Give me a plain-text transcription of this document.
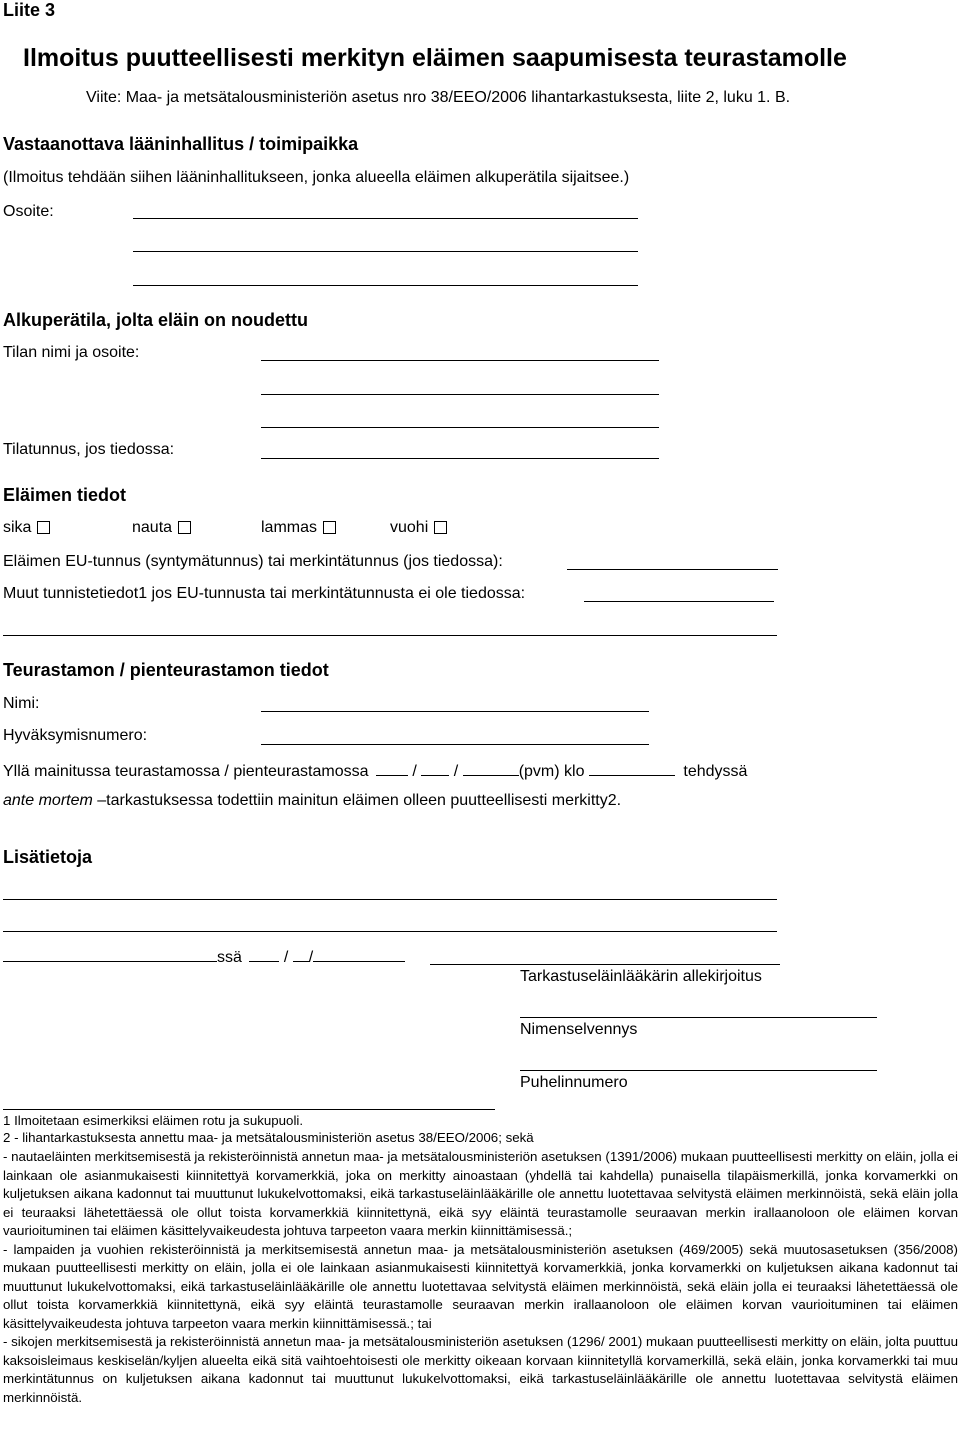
Liite 3
Ilmoitus puutteellisesti merkityn eläimen saapumisesta teurastamolle
Viite: Maa- ja metsätalousministeriön asetus nro 38/EEO/2006 lihantarkastuksesta, liite 2, luku 1. B.
Vastaanottava lääninhallitus / toimipaikka
(Ilmoitus tehdään siihen lääninhallitukseen, jonka alueella eläimen alkuperätila sijaitsee.)
Osoite:
Alkuperätila, jolta eläin on noudettu
Tilan nimi ja osoite:
Tilatunnus, jos tiedossa:
Eläimen tiedot
sika	nauta	lammas	vuohi
Eläimen EU-tunnus (syntymätunnus) tai merkintätunnus (jos tiedossa):
Muut tunnistetiedot1 jos EU-tunnusta tai merkintätunnusta ei ole tiedossa:
Teurastamon / pienteurastamon tiedot
Nimi:
Hyväksymisnumero:
Yllä mainitussa teurastamossa / pienteurastamossa	/ /	(pvm) klo	tehdyssä
ante mortem –tarkastuksessa todettiin mainitun eläimen olleen puutteellisesti merkitty2.
Lisätietoja
ssä	/ /
Tarkastuseläinlääkärin allekirjoitus
Nimenselvennys
Puhelinnumero
1 Ilmoitetaan esimerkiksi eläimen rotu ja sukupuoli.
2 - lihantarkastuksesta annettu maa- ja metsätalousministeriön asetus 38/EEO/2006; sekä

- nautaeläinten merkitsemisestä ja rekisteröinnistä annetun maa- ja metsätalousministeriön asetuksen (1391/2006) mukaan puutteellisesti merkitty on eläin, jolla ei lainkaan ole asianmukaisesti kiinnitettyä korvamerkkiä, joka on merkitty ainoastaan (yhdellä tai kahdella) punaisella tilapäismerkillä, jonka korvamerkki on kuljetuksen aikana kadonnut tai muuttunut lukukelvottomaksi, eikä tarkastuseläinlääkärille ole annettu luotettavaa selvitystä eläimen merkinnöistä, sekä eläin jolla ei teuraaksi lähetettäessä ole ollut toista korvamerkkiä kiinnitettynä, eikä syy eläintä teurastamolle seuraavan merkin irallaanoloon ole eläimen korvan vaurioituminen tai eläimen käsittelyvaikeudesta johtuva tarpeeton vaara merkin kiinnittämisessä.;

- lampaiden ja vuohien rekisteröinnistä ja merkitsemisestä annetun maa- ja metsätalousministeriön asetuksen (469/2005) sekä muutosasetuksen (356/2008) mukaan puutteellisesti merkitty on eläin, jolla ei ole lainkaan asianmukaisesti kiinnitettyä korvamerkkiä, jonka korvamerkki on kuljetuksen aikana kadonnut tai muuttunut lukukelvottomaksi, eikä tarkastuseläinlääkärille ole annettu luotettavaa selvitystä eläimen merkinnöistä, sekä eläin jolla ei teuraaksi lähetettäessä ole ollut toista korvamerkkiä kiinnitettynä, eikä syy eläintä teurastamolle seuraavan merkin irallaanoloon ole eläimen korvan vaurioituminen tai eläimen käsittelyvaikeudesta johtuva tarpeeton vaara merkin kiinnittämisessä.; tai

- sikojen merkitsemisestä ja rekisteröinnistä annetun maa- ja metsätalousministeriön asetuksen (1296/ 2001) mukaan puutteellisesti merkitty on eläin, jolta puuttuu kaksoisleimaus keskiselän/kyljen alueelta eikä sitä vaihtoehtoisesti ole merkitty oikeaan korvaan kiinnitetyllä korvamerkillä, sekä eläin, jonka korvamerkki tai muu merkintätunnus on kuljetuksen aikana kadonnut tai muuttunut lukukelvottomaksi, eikä tarkastuseläinlääkärille ole annettu luotettavaa selvitystä eläimen merkinnöistä.
